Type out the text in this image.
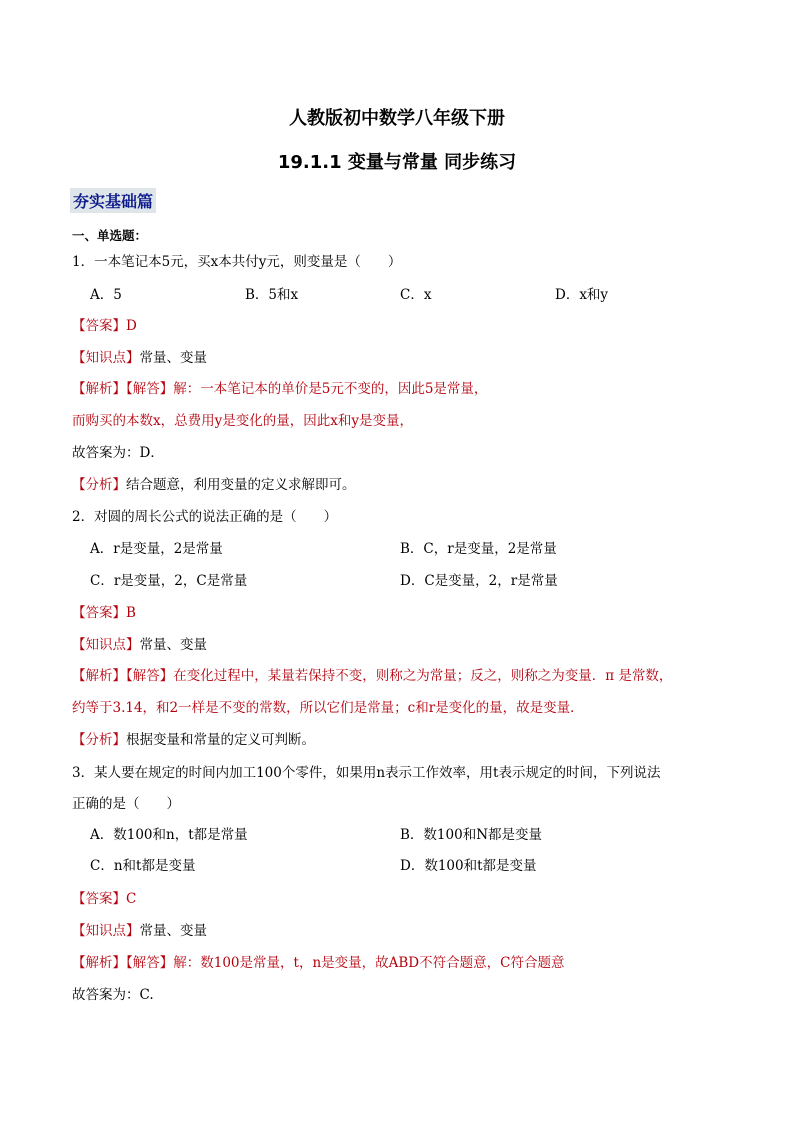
人教版初中数学八年级下册
19.1.1 变量与常量 同步练习
夯实基础篇
一、单选题：
1．一本笔记本5元，买x本共付y元，则变量是（　　）
A．5	B．5和x	C．x	D．x和y
【答案】D
【知识点】常量、变量
【解析】【解答】解：一本笔记本的单价是5元不变的，因此5是常量，
而购买的本数x，总费用y是变化的量，因此x和y是变量，
故答案为：D．
【分析】结合题意，利用变量的定义求解即可。
2．对圆的周长公式的说法正确的是（　　）
A．r是变量，2是常量	B．C，r是变量，2是常量
C．r是变量，2，C是常量	D．C是变量，2，r是常量
【答案】B
【知识点】常量、变量
【解析】【解答】在变化过程中，某量若保持不变，则称之为常量；反之，则称之为变量．π 是常数，
约等于3.14，和2一样是不变的常数，所以它们是常量；c和r是变化的量，故是变量．
【分析】根据变量和常量的定义可判断。
3．某人要在规定的时间内加工100个零件，如果用n表示工作效率，用t表示规定的时间，下列说法
正确的是（　　）
A．数100和n，t都是常量	B．数100和N都是变量
C．n和t都是变量	D．数100和t都是变量
【答案】C
【知识点】常量、变量
【解析】【解答】解：数100是常量，t，n是变量，故ABD不符合题意，C符合题意
故答案为：C.
